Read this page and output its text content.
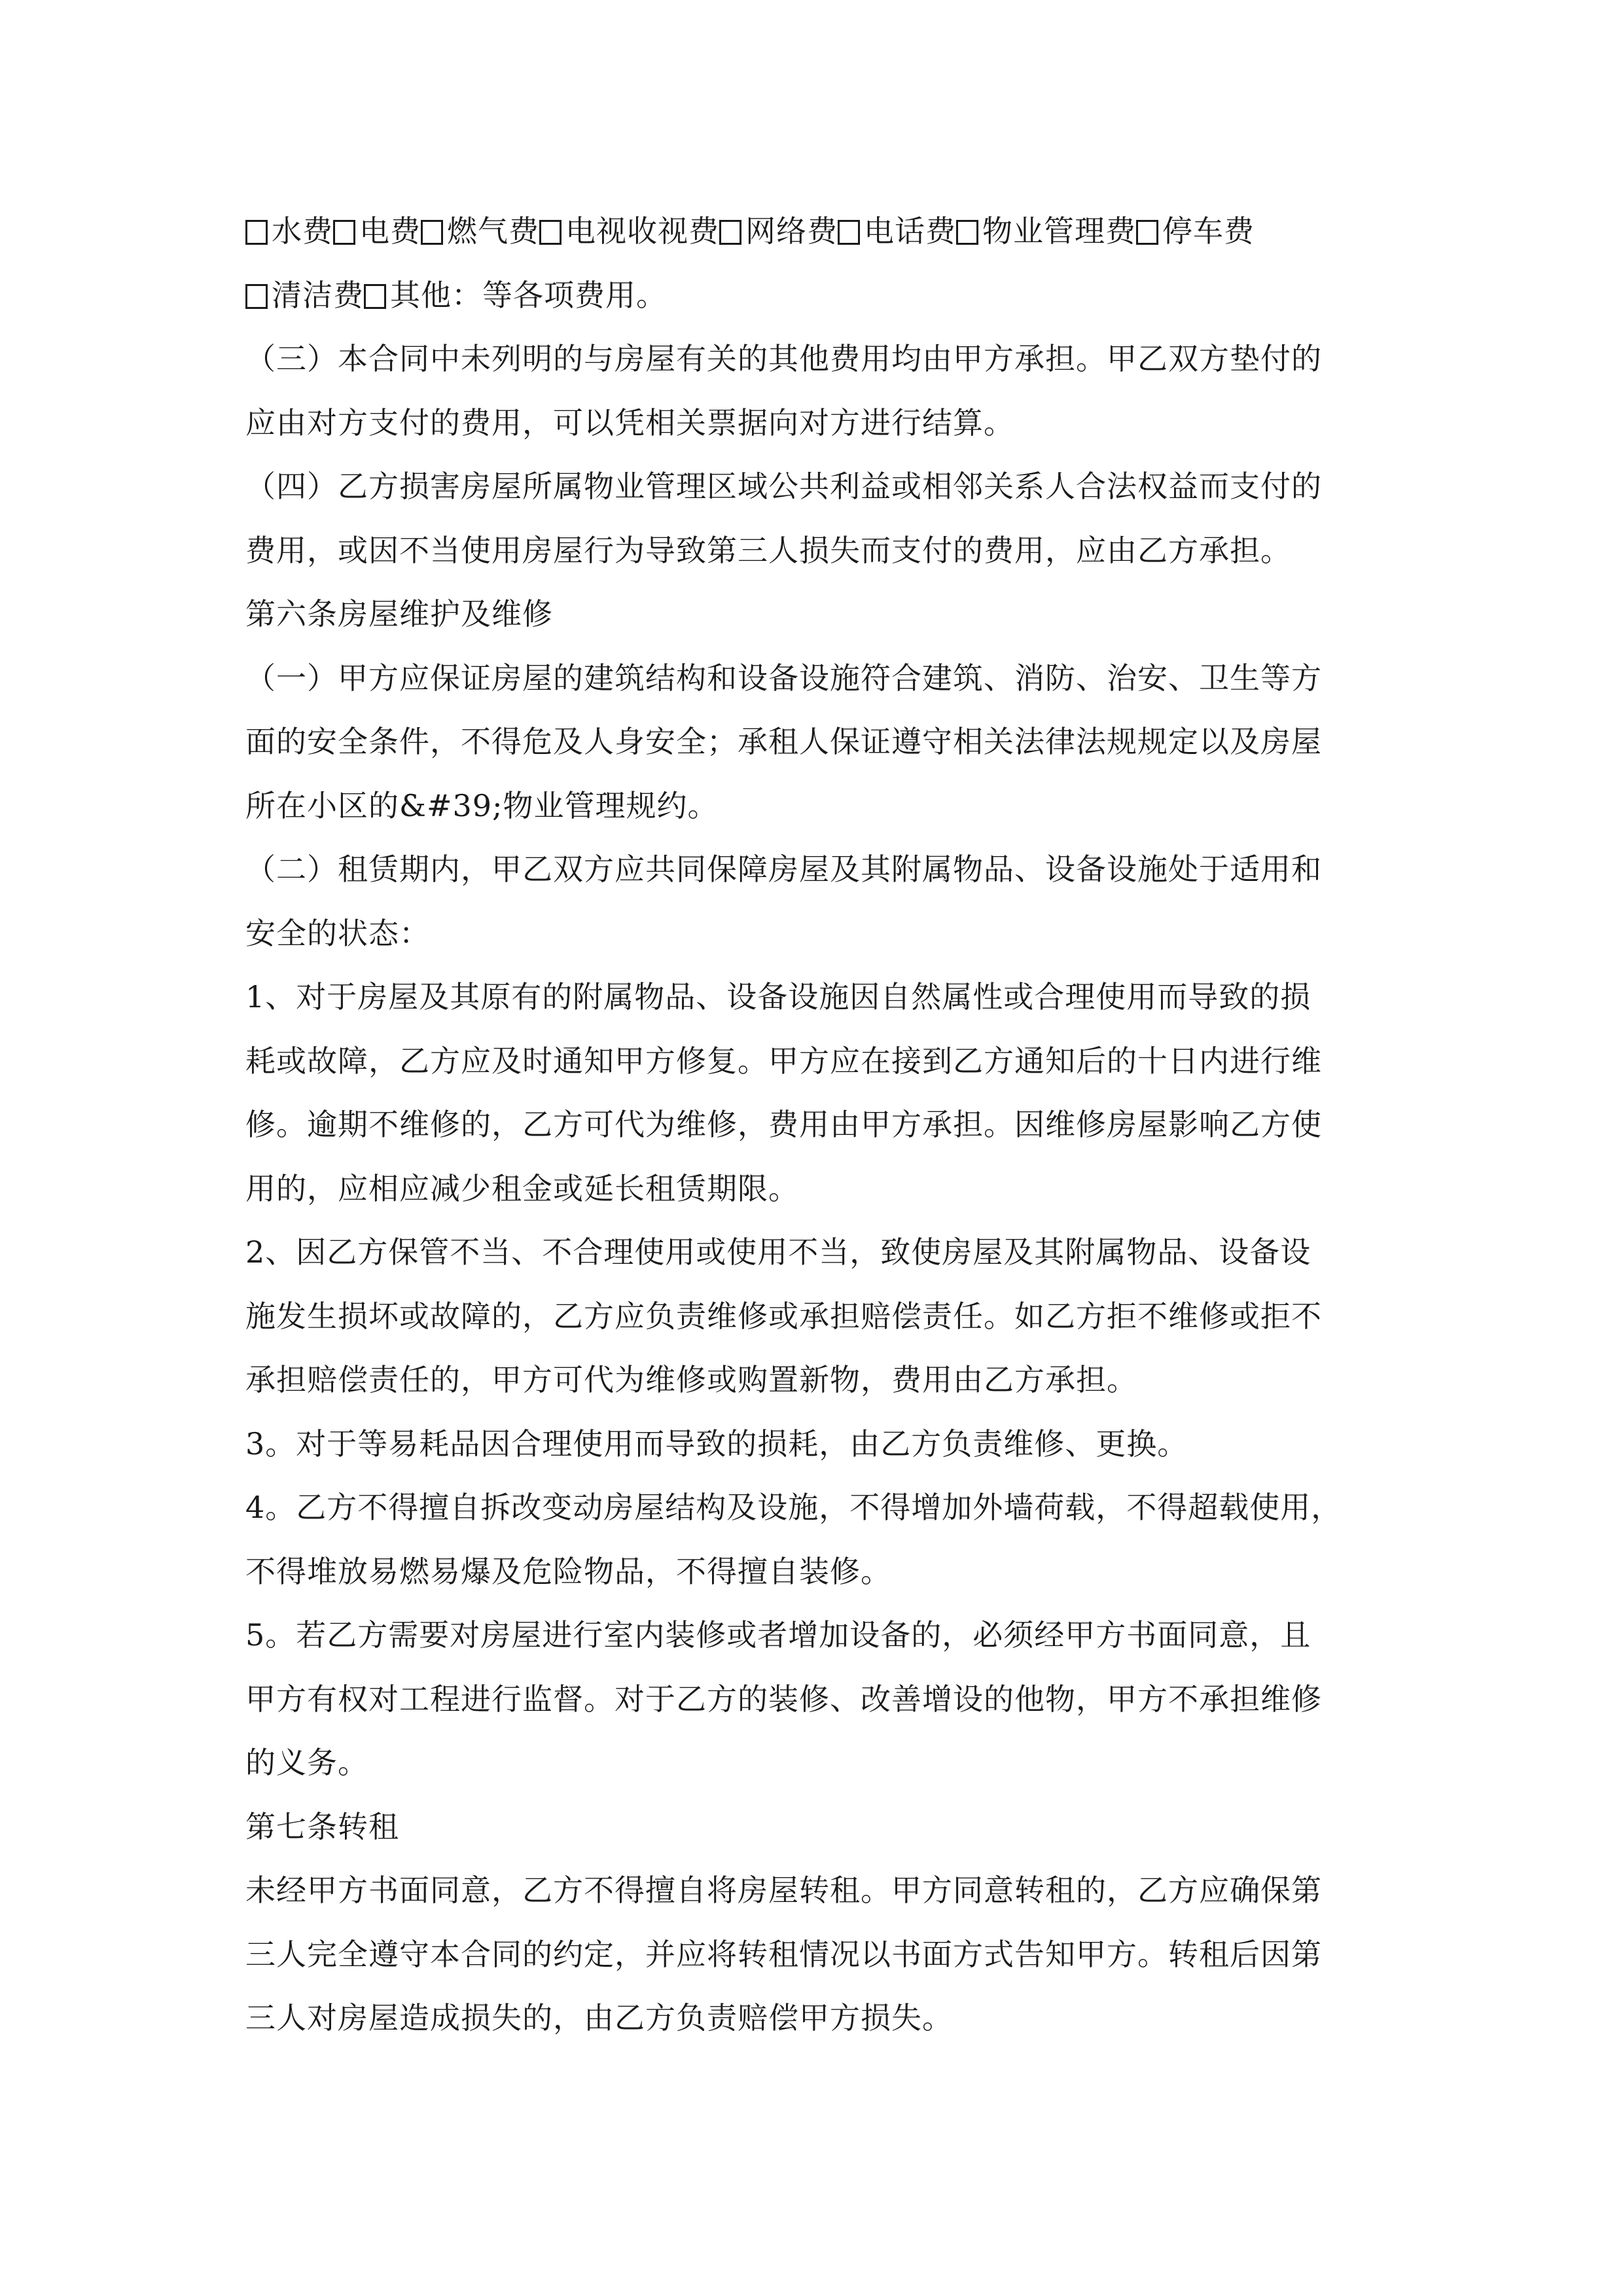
水费 电费 燃气费 电视收视费 网络费 电话费 物业管理费 停车费
清洁费 其他：等各项费用。
（三）本合同中未列明的与房屋有关的其他费用均由甲方承担。甲乙双方垫付的
应由对方支付的费用，可以凭相关票据向对方进行结算。
（四）乙方损害房屋所属物业管理区域公共利益或相邻关系人合法权益而支付的
费用，或因不当使用房屋行为导致第三人损失而支付的费用，应由乙方承担。
第六条房屋维护及维修
（一）甲方应保证房屋的建筑结构和设备设施符合建筑、消防、治安、卫生等方
面的安全条件，不得危及人身安全；承租人保证遵守相关法律法规规定以及房屋
所在小区的&#39;物业管理规约。
（二）租赁期内，甲乙双方应共同保障房屋及其附属物品、设备设施处于适用和
安全的状态：
1、对于房屋及其原有的附属物品、设备设施因自然属性或合理使用而导致的损
耗或故障，乙方应及时通知甲方修复。甲方应在接到乙方通知后的十日内进行维
修。逾期不维修的，乙方可代为维修，费用由甲方承担。因维修房屋影响乙方使
用的，应相应减少租金或延长租赁期限。
2、因乙方保管不当、不合理使用或使用不当，致使房屋及其附属物品、设备设
施发生损坏或故障的，乙方应负责维修或承担赔偿责任。如乙方拒不维修或拒不
承担赔偿责任的，甲方可代为维修或购置新物，费用由乙方承担。
3。对于等易耗品因合理使用而导致的损耗，由乙方负责维修、更换。
4。乙方不得擅自拆改变动房屋结构及设施，不得增加外墙荷载，不得超载使用，
不得堆放易燃易爆及危险物品，不得擅自装修。
5。若乙方需要对房屋进行室内装修或者增加设备的，必须经甲方书面同意，且
甲方有权对工程进行监督。对于乙方的装修、改善增设的他物，甲方不承担维修
的义务。
第七条转租
未经甲方书面同意，乙方不得擅自将房屋转租。甲方同意转租的，乙方应确保第
三人完全遵守本合同的约定，并应将转租情况以书面方式告知甲方。转租后因第
三人对房屋造成损失的，由乙方负责赔偿甲方损失。
